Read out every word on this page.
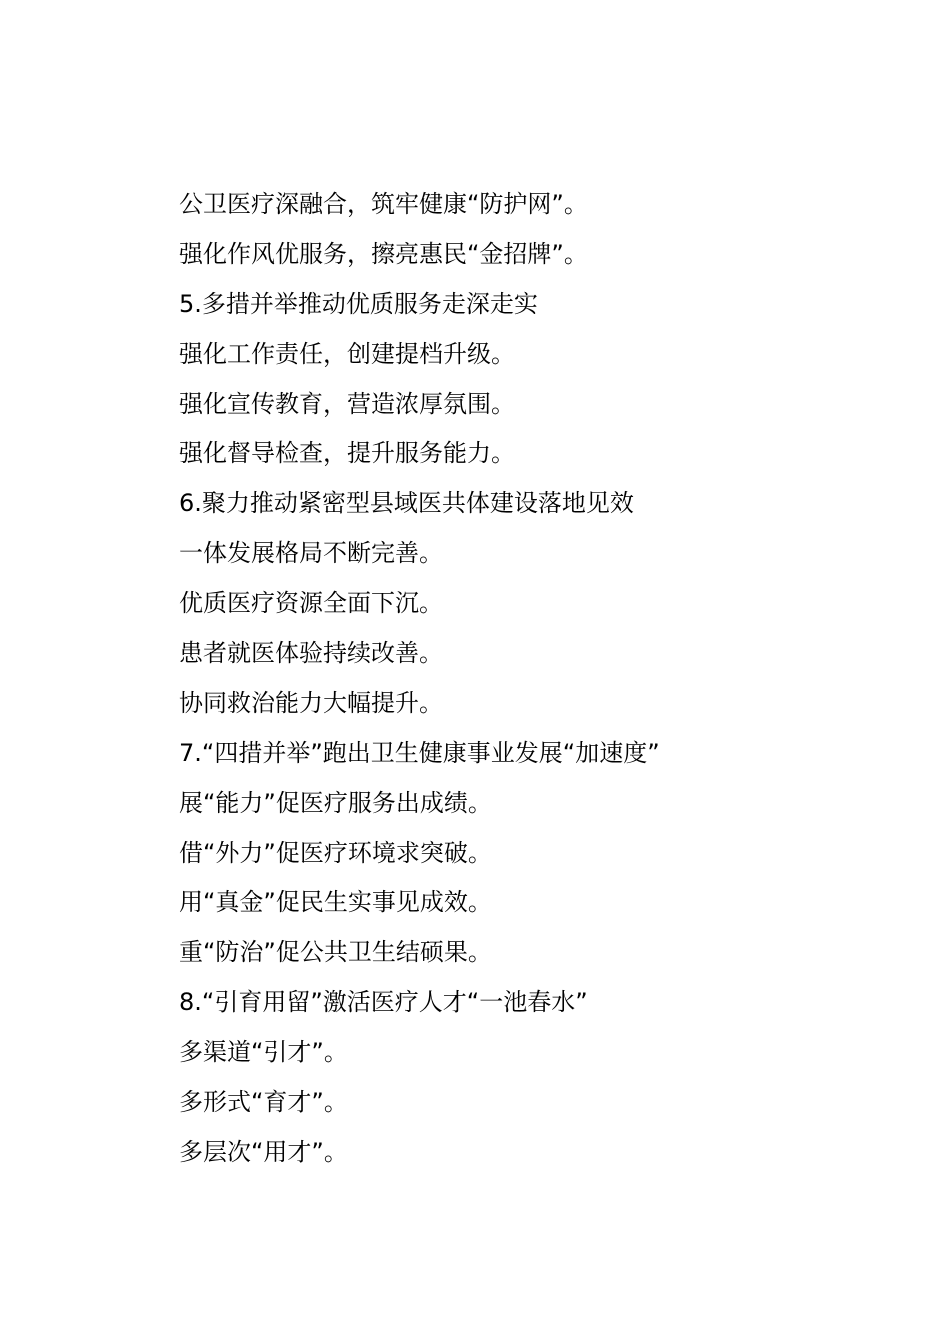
公卫医疗深融合，筑牢健康“防护网”。
强化作风优服务，擦亮惠民“金招牌”。
5.多措并举推动优质服务走深走实
强化工作责任，创建提档升级。
强化宣传教育，营造浓厚氛围。
强化督导检查，提升服务能力。
6.聚力推动紧密型县域医共体建设落地见效
一体发展格局不断完善。
优质医疗资源全面下沉。
患者就医体验持续改善。
协同救治能力大幅提升。
7.“四措并举”跑出卫生健康事业发展“加速度”
展“能力”促医疗服务出成绩。
借“外力”促医疗环境求突破。
用“真金”促民生实事见成效。
重“防治”促公共卫生结硕果。
8.“引育用留”激活医疗人才“一池春水”
多渠道“引才”。
多形式“育才”。
多层次“用才”。
